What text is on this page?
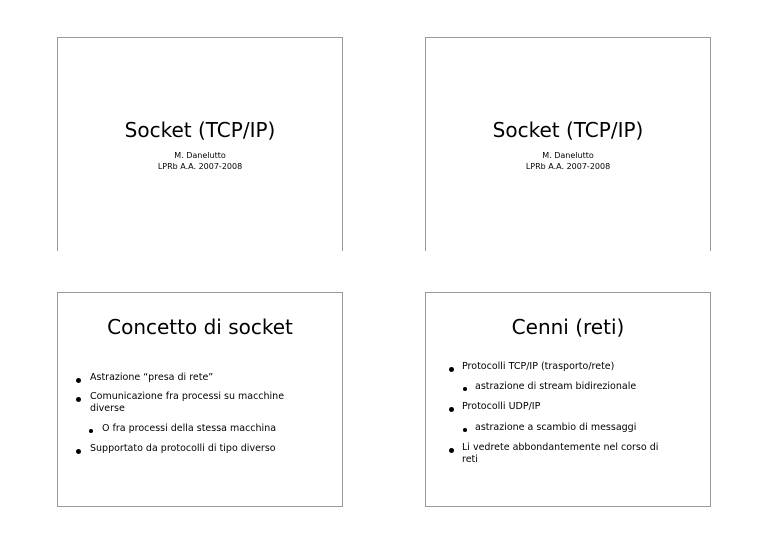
Socket (TCP/IP)
M. Danelutto
LPRb A.A. 2007-2008
Socket (TCP/IP)
M. Danelutto
LPRb A.A. 2007-2008
Concetto di socket
Astrazione “presa di rete”
Comunicazione fra processi su macchine
diverse
O fra processi della stessa macchina
Supportato da protocolli di tipo diverso
Cenni (reti)
Protocolli TCP/IP (trasporto/rete)
astrazione di stream bidirezionale
Protocolli UDP/IP
astrazione a scambio di messaggi
Li vedrete abbondantemente nel corso di
reti
